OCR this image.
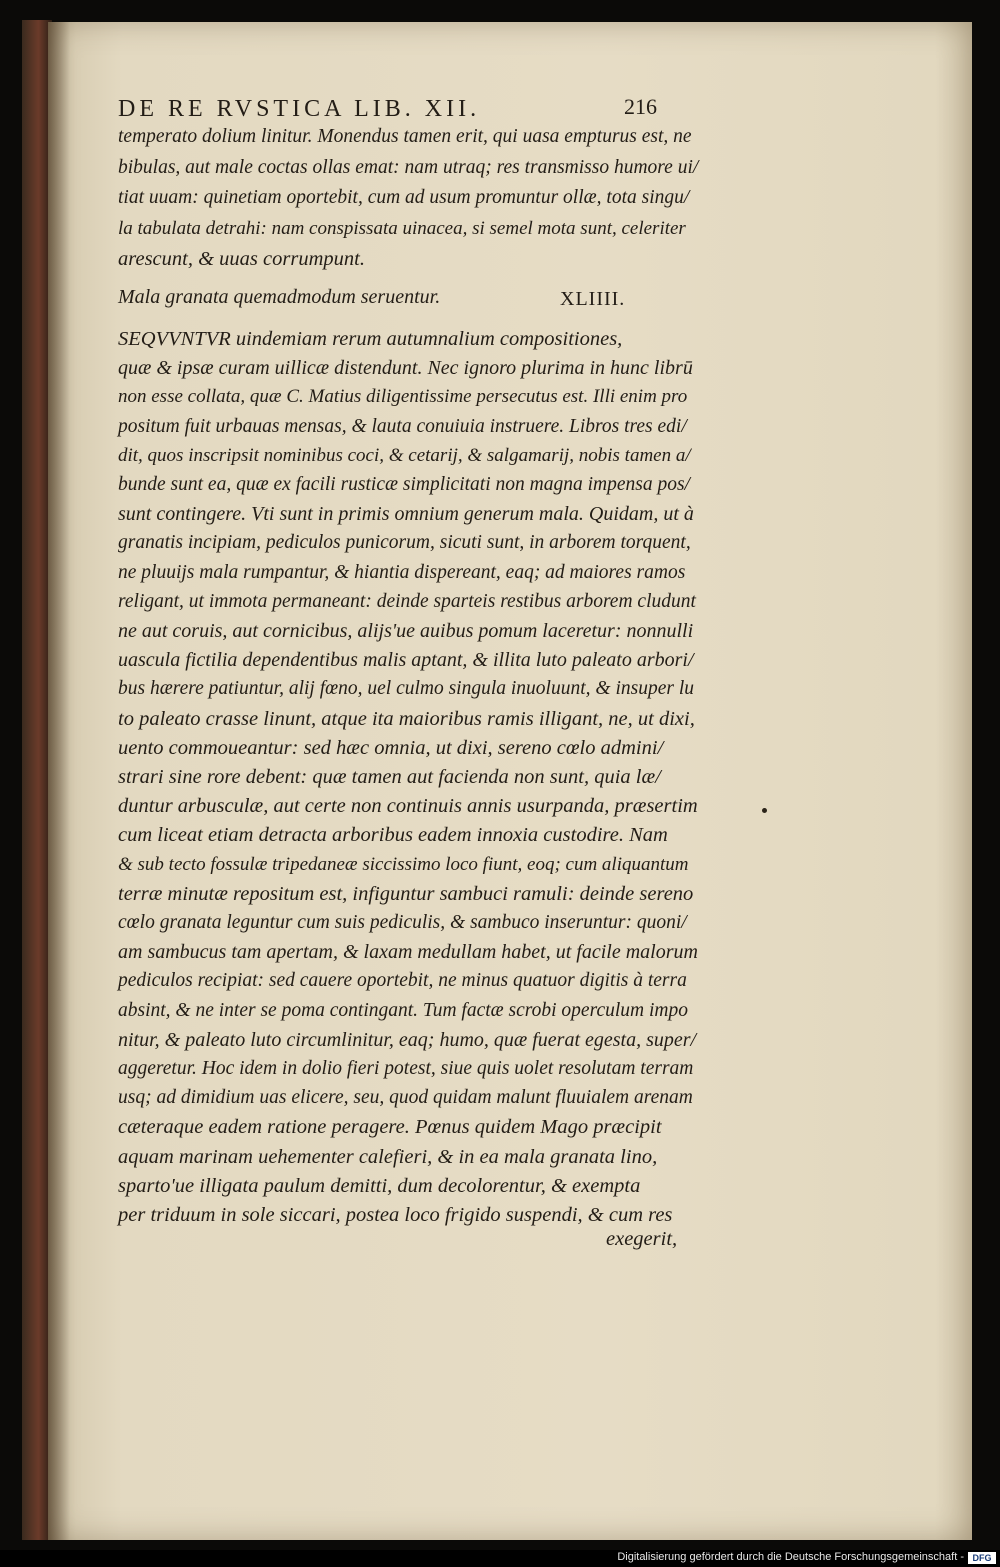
DE RE RVSTICA LIB. XII.	216
temperato dolium linitur. Monendus tamen erit, qui uasa empturus est, ne
bibulas, aut male coctas ollas emat: nam utraq; res transmisso humore ui/
tiat uuam: quinetiam oportebit, cum ad usum promuntur ollæ, tota singu/
la tabulata detrahi: nam conspissata uinacea, si semel mota sunt, celeriter
arescunt, & uuas corrumpunt.
Mala granata quemadmodum seruentur.	XLIIII.
SEQVVNTVR uindemiam rerum autumnalium compositiones,
quæ & ipsæ curam uillicæ distendunt. Nec ignoro plurima in hunc librū
non esse collata, quæ C. Matius diligentissime persecutus est. Illi enim pro
positum fuit urbauas mensas, & lauta conuiuia instruere. Libros tres edi/
dit, quos inscripsit nominibus coci, & cetarij, & salgamarij, nobis tamen a/
bunde sunt ea, quæ ex facili rusticæ simplicitati non magna impensa pos/
sunt contingere. Vti sunt in primis omnium generum mala. Quidam, ut à
granatis incipiam, pediculos punicorum, sicuti sunt, in arborem torquent,
ne pluuijs mala rumpantur, & hiantia dispereant, eaq; ad maiores ramos
religant, ut immota permaneant: deinde sparteis restibus arborem cludunt
ne aut coruis, aut cornicibus, alijs'ue auibus pomum laceretur: nonnulli
uascula fictilia dependentibus malis aptant, & illita luto paleato arbori/
bus hærere patiuntur, alij fœno, uel culmo singula inuoluunt, & insuper lu
to paleato crasse linunt, atque ita maioribus ramis illigant, ne, ut dixi,
uento commoueantur: sed hæc omnia, ut dixi, sereno cœlo admini/
strari sine rore debent: quæ tamen aut facienda non sunt, quia læ/
duntur arbusculæ, aut certe non continuis annis usurpanda, præsertim
cum liceat etiam detracta arboribus eadem innoxia custodire. Nam
& sub tecto fossulæ tripedaneæ siccissimo loco fiunt, eoq; cum aliquantum
terræ minutæ repositum est, infiguntur sambuci ramuli: deinde sereno
cœlo granata leguntur cum suis pediculis, & sambuco inseruntur: quoni/
am sambucus tam apertam, & laxam medullam habet, ut facile malorum
pediculos recipiat: sed cauere oportebit, ne minus quatuor digitis à terra
absint, & ne inter se poma contingant. Tum factæ scrobi operculum impo
nitur, & paleato luto circumlinitur, eaq; humo, quæ fuerat egesta, super/
aggeretur. Hoc idem in dolio fieri potest, siue quis uolet resolutam terram
usq; ad dimidium uas elicere, seu, quod quidam malunt fluuialem arenam
cæteraque eadem ratione peragere. Pœnus quidem Mago præcipit
aquam marinam uehementer calefieri, & in ea mala granata lino,
sparto'ue illigata paulum demitti, dum decolorentur, & exempta
per triduum in sole siccari, postea loco frigido suspendi, & cum res
exegerit,
Digitalisierung gefördert durch die Deutsche Forschungsgemeinschaft - DFG
